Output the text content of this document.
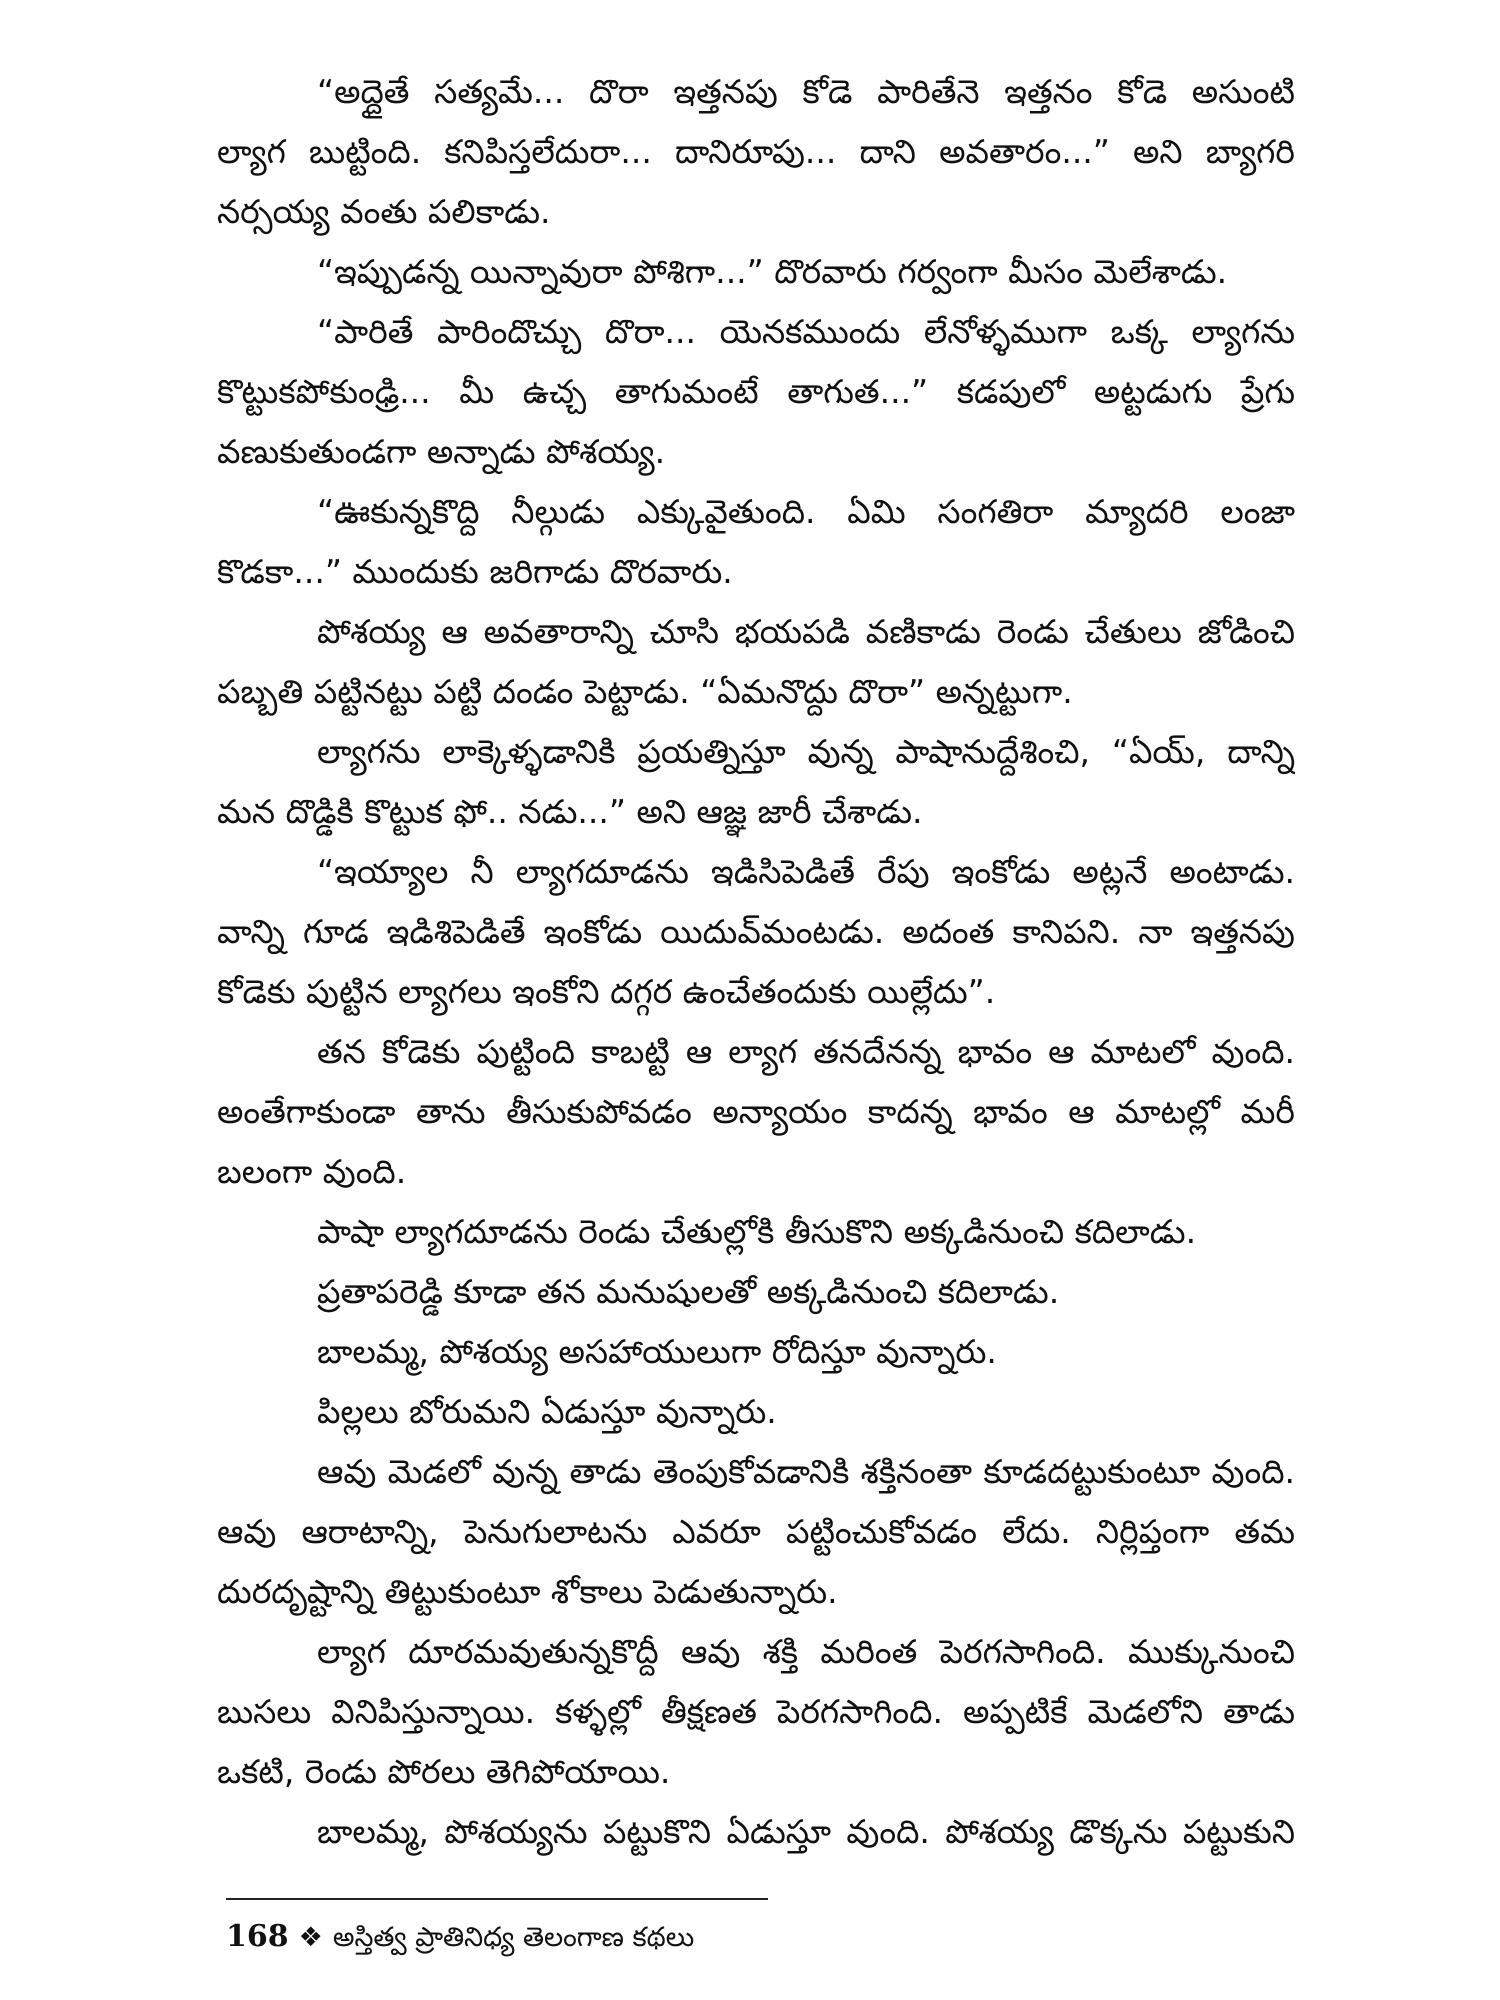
“అద్దైతే సత్యమే... దొరా ఇత్తనపు కోడె పారితేనె ఇత్తనం కోడె అసుంటి
ల్యాగ బుట్టింది. కనిపిస్తలేదురా... దానిరూపు... దాని అవతారం...” అని బ్యాగరి
నర్సయ్య వంతు పలికాడు.
“ఇప్పుడన్న యిన్నావురా పోశిగా...” దొరవారు గర్వంగా మీసం మెలేశాడు.
“పారితే పారిందొచ్చు దొరా... యెనకముందు లేనోళ్ళముగా ఒక్క ల్యాగను
కొట్టుకపోకుంఢ్రి... మీ ఉచ్చ తాగుమంటే తాగుత...” కడపులో అట్టడుగు ప్రేగు
వణుకుతుండగా అన్నాడు పోశయ్య.
“ఊకున్నకొద్ది నీల్గుడు ఎక్కువైతుంది. ఏమి సంగతిరా మ్యాదరి లంజా
కొడకా...” ముందుకు జరిగాడు దొరవారు.
పోశయ్య ఆ అవతారాన్ని చూసి భయపడి వణికాడు రెండు చేతులు జోడించి
పబ్బతి పట్టినట్టు పట్టి దండం పెట్టాడు. “ఏమనొద్దు దొరా” అన్నట్టుగా.
ల్యాగను లాక్కెళ్ళడానికి ప్రయత్నిస్తూ వున్న పాషానుద్దేశించి, “ఏయ్, దాన్ని
మన దొడ్డికి కొట్టుక ఫో.. నడు...” అని ఆజ్ఞ జారీ చేశాడు.
“ఇయ్యాల నీ ల్యాగదూడను ఇడిసిపెడితే రేపు ఇంకోడు అట్లనే అంటాడు.
వాన్ని గూడ ఇడిశిపెడితే ఇంకోడు యిదువ్‌మంటడు. అదంత కానిపని. నా ఇత్తనపు
కోడెకు పుట్టిన ల్యాగలు ఇంకోని దగ్గర ఉంచేతందుకు యిల్లేదు”.
తన కోడెకు పుట్టింది కాబట్టి ఆ ల్యాగ తనదేనన్న భావం ఆ మాటలో వుంది.
అంతేగాకుండా తాను తీసుకుపోవడం అన్యాయం కాదన్న భావం ఆ మాటల్లో మరీ
బలంగా వుంది.
పాషా ల్యాగదూడను రెండు చేతుల్లోకి తీసుకొని అక్కడినుంచి కదిలాడు.
ప్రతాపరెడ్డి కూడా తన మనుషులతో అక్కడినుంచి కదిలాడు.
బాలమ్మ, పోశయ్య అసహాయులుగా రోదిస్తూ వున్నారు.
పిల్లలు బోరుమని ఏడుస్తూ వున్నారు.
ఆవు మెడలో వున్న తాడు తెంపుకోవడానికి శక్తినంతా కూడదట్టుకుంటూ వుంది.
ఆవు ఆరాటాన్ని, పెనుగులాటను ఎవరూ పట్టించుకోవడం లేదు. నిర్లిప్తంగా తమ
దురదృష్టాన్ని తిట్టుకుంటూ శోకాలు పెడుతున్నారు.
ల్యాగ దూరమవుతున్నకొద్దీ ఆవు శక్తి మరింత పెరగసాగింది. ముక్కునుంచి
బుసలు వినిపిస్తున్నాయి. కళ్ళల్లో తీక్షణత పెరగసాగింది. అప్పటికే మెడలోని తాడు
ఒకటి, రెండు పోరలు తెగిపోయాయి.
బాలమ్మ, పోశయ్యను పట్టుకొని ఏడుస్తూ వుంది. పోశయ్య డొక్కను పట్టుకుని
168 ❖ అస్తిత్వ ప్రాతినిధ్య తెలంగాణ కథలు
